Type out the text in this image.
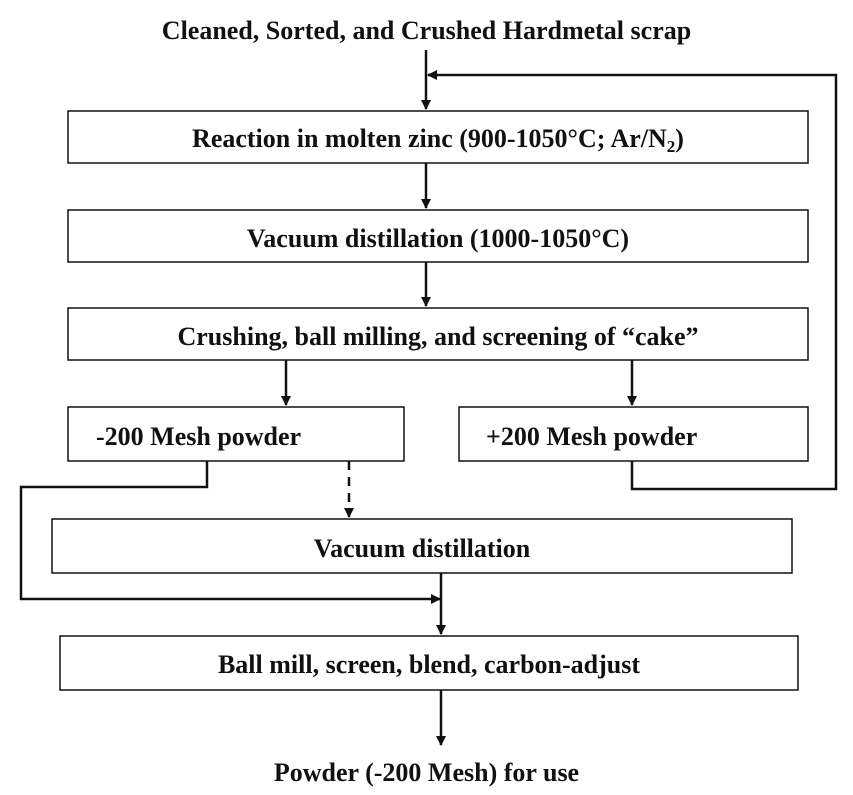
Cleaned, Sorted, and Crushed Hardmetal scrap
Reaction in molten zinc (900-1050°C; $Ar/N_2$)
Vacuum distillation (1000-1050°C)
Crushing, ball milling, and screening of “cake”
-200 Mesh powder	+200 Mesh powder
Vacuum distillation
Ball mill, screen, blend, carbon-adjust
Powder (-200 Mesh) for use
